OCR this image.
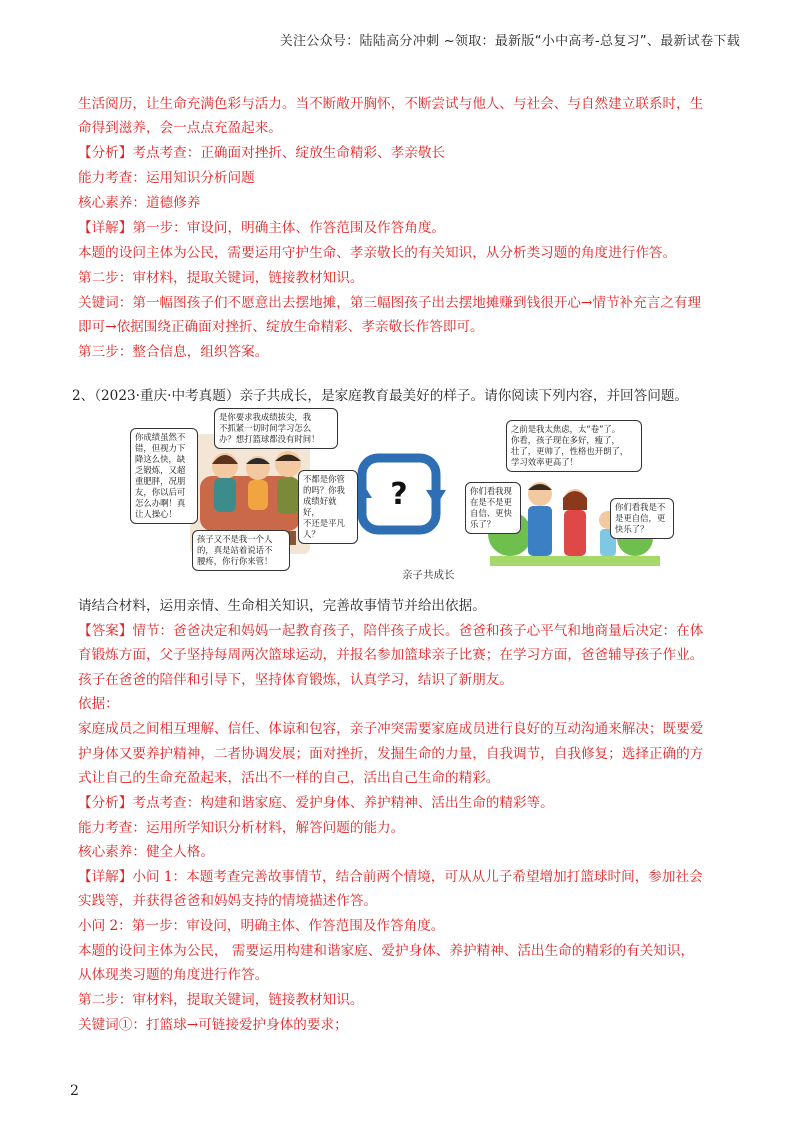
关注公众号：陆陆高分冲刺 ~领取：最新版“小中高考-总复习”、最新试卷下载
生活阅历，让生命充满色彩与活力。当不断敞开胸怀，不断尝试与他人、与社会、与自然建立联系时，生
命得到滋养，会一点点充盈起来。
【分析】考点考查：正确面对挫折、绽放生命精彩、孝亲敬长
能力考查：运用知识分析问题
核心素养：道德修养
【详解】第一步：审设问，明确主体、作答范围及作答角度。
本题的设问主体为公民，需要运用守护生命、孝亲敬长的有关知识，从分析类习题的角度进行作答。
第二步：审材料，提取关键词，链接教材知识。
关键词：第一幅图孩子们不愿意出去摆地摊，第三幅图孩子出去摆地摊赚到钱很开心→情节补充言之有理
即可→依据围绕正确面对挫折、绽放生命精彩、孝亲敬长作答即可。
第三步：整合信息，组织答案。
2、（2023·重庆·中考真题）亲子共成长，是家庭教育最美好的样子。请你阅读下列内容，并回答问题。
?
你成绩虽然不
错，但视力下
降这么快，缺
乏锻炼，又超
重肥胖，况朋
友，你以后可
怎么办啊！真
让人操心！
是你要求我成绩拔尖，我
不抓紧一切时间学习怎么
办？想打篮球都没有时间！
不都是你管
的吗？你我
成绩好就好，
不还是平凡
人？
孩子又不是我一个人
的，真是站着说话不
腰疼，你行你来管！
之前是我太焦虑，太“卷”了。
你看，孩子现在多好，瘦了，
壮了，更帅了，性格也开朗了，
学习效率更高了！
你们看我现
在是不是更
自信、更快
乐了？
你们看我是不
是更自信，更
快乐了？
亲子共成长
请结合材料，运用亲情、生命相关知识，完善故事情节并给出依据。
【答案】情节：爸爸决定和妈妈一起教育孩子，陪伴孩子成长。爸爸和孩子心平气和地商量后决定：在体
育锻炼方面，父子坚持每周两次篮球运动，并报名参加篮球亲子比赛；在学习方面，爸爸辅导孩子作业。
孩子在爸爸的陪伴和引导下，坚持体育锻炼，认真学习，结识了新朋友。
依据：
家庭成员之间相互理解、信任、体谅和包容，亲子冲突需要家庭成员进行良好的互动沟通来解决；既要爱
护身体又要养护精神，二者协调发展；面对挫折，发掘生命的力量，自我调节，自我修复；选择正确的方
式让自己的生命充盈起来，活出不一样的自己，活出自己生命的精彩。
【分析】考点考查：构建和谐家庭、爱护身体、养护精神、活出生命的精彩等。
能力考查：运用所学知识分析材料，解答问题的能力。
核心素养：健全人格。
【详解】小问 1：本题考查完善故事情节，结合前两个情境，可从从儿子希望增加打篮球时间，参加社会
实践等，并获得爸爸和妈妈支持的情境描述作答。
小问 2：第一步：审设问，明确主体、作答范围及作答角度。
本题的设问主体为公民， 需要运用构建和谐家庭、爱护身体、养护精神、活出生命的精彩的有关知识，
从体现类习题的角度进行作答。
第二步：审材料，提取关键词，链接教材知识。
关键词①：打篮球→可链接爱护身体的要求；
2
